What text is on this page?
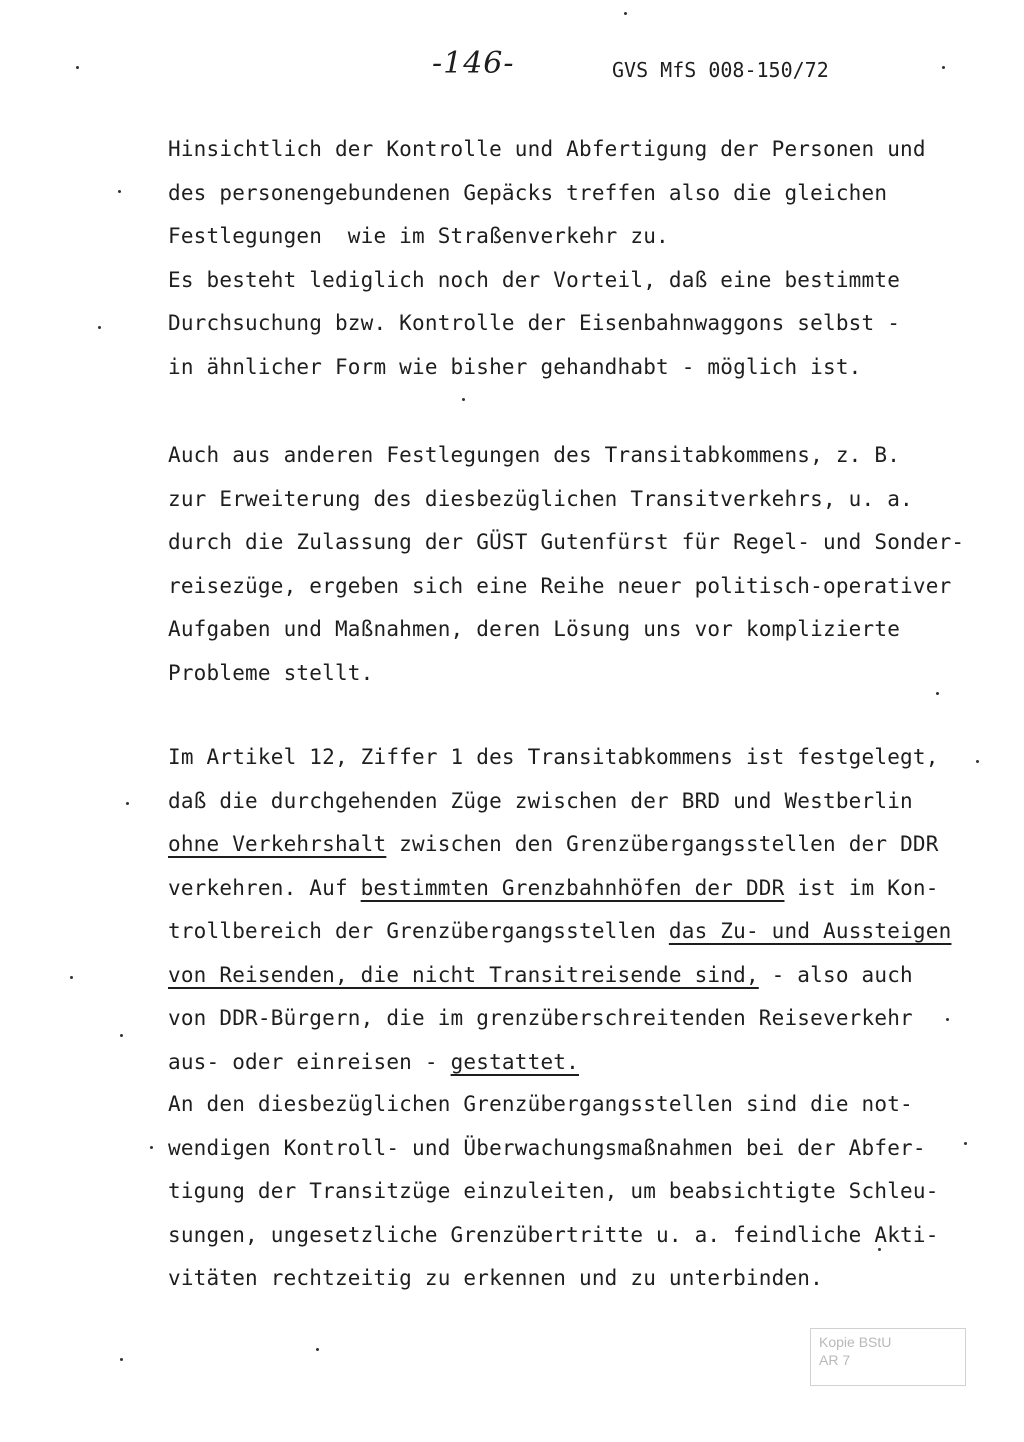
-146-	GVS MfS 008-150/72
Hinsichtlich der Kontrolle und Abfertigung der Personen und
des personengebundenen Gepäcks treffen also die gleichen
Festlegungen  wie im Straßenverkehr zu.
Es besteht lediglich noch der Vorteil, daß eine bestimmte
Durchsuchung bzw. Kontrolle der Eisenbahnwaggons selbst -
in ähnlicher Form wie bisher gehandhabt - möglich ist.
Auch aus anderen Festlegungen des Transitabkommens, z. B.
zur Erweiterung des diesbezüglichen Transitverkehrs, u. a.
durch die Zulassung der GÜST Gutenfürst für Regel- und Sonder-
reisezüge, ergeben sich eine Reihe neuer politisch-operativer
Aufgaben und Maßnahmen, deren Lösung uns vor komplizierte
Probleme stellt.
Im Artikel 12, Ziffer 1 des Transitabkommens ist festgelegt,
daß die durchgehenden Züge zwischen der BRD und Westberlin
ohne Verkehrshalt zwischen den Grenzübergangsstellen der DDR
verkehren. Auf bestimmten Grenzbahnhöfen der DDR ist im Kon-
trollbereich der Grenzübergangsstellen das Zu- und Aussteigen
von Reisenden, die nicht Transitreisende sind, - also auch
von DDR-Bürgern, die im grenzüberschreitenden Reiseverkehr
aus- oder einreisen - gestattet.
An den diesbezüglichen Grenzübergangsstellen sind die not-
wendigen Kontroll- und Überwachungsmaßnahmen bei der Abfer-
tigung der Transitzüge einzuleiten, um beabsichtigte Schleu-
sungen, ungesetzliche Grenzübertritte u. a. feindliche Akti-
vitäten rechtzeitig zu erkennen und zu unterbinden.
Kopie BStU
AR 7
